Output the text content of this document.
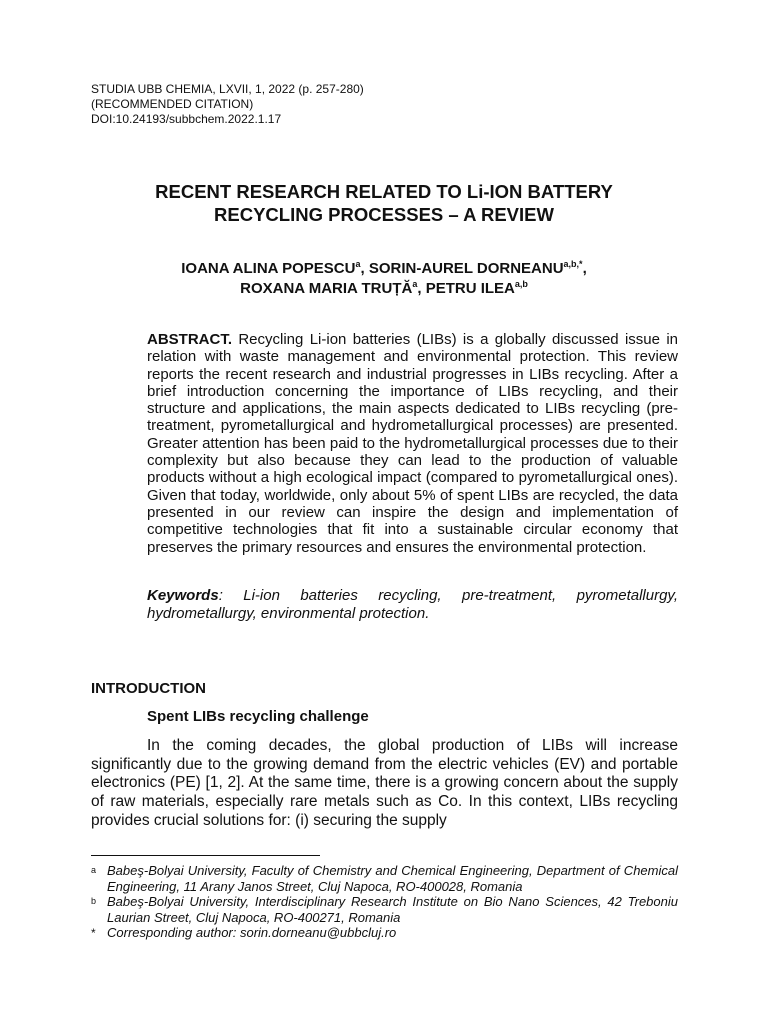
STUDIA UBB CHEMIA, LXVII, 1, 2022 (p. 257-280)
(RECOMMENDED CITATION)
DOI:10.24193/subbchem.2022.1.17
RECENT RESEARCH RELATED TO Li-ION BATTERY
RECYCLING PROCESSES – A REVIEW
IOANA ALINA POPESCU$^a$, SORIN-AUREL $DORNEANU^{a,b,*}$,
ROXANA MARIA TRUȚĂ$^a$, PETRU ILEA$^{a,b}$
ABSTRACT. Recycling Li-ion batteries (LIBs) is a globally discussed issue in relation with waste management and environmental protection. This review reports the recent research and industrial progresses in LIBs recycling. After a brief introduction concerning the importance of LIBs recycling, and their structure and applications, the main aspects dedicated to LIBs recycling (pre-treatment, pyrometallurgical and hydrometallurgical processes) are presented. Greater attention has been paid to the hydrometallurgical processes due to their complexity but also because they can lead to the production of valuable products without a high ecological impact (compared to pyrometallurgical ones). Given that today, worldwide, only about 5% of spent LIBs are recycled, the data presented in our review can inspire the design and implementation of competitive technologies that fit into a sustainable circular economy that preserves the primary resources and ensures the environmental protection.
Keywords: Li-ion batteries recycling, pre-treatment, pyrometallurgy, hydrometallurgy, environmental protection.
INTRODUCTION
Spent LIBs recycling challenge
In the coming decades, the global production of LIBs will increase significantly due to the growing demand from the electric vehicles (EV) and portable electronics (PE) [1, 2]. At the same time, there is a growing concern about the supply of raw materials, especially rare metals such as Co. In this context, LIBs recycling provides crucial solutions for: (i) securing the supply
a Babeş-Bolyai University, Faculty of Chemistry and Chemical Engineering, Department of Chemical Engineering, 11 Arany Janos Street, Cluj Napoca, RO-400028, Romania
b Babeş-Bolyai University, Interdisciplinary Research Institute on Bio Nano Sciences, 42 Treboniu Laurian Street, Cluj Napoca, RO-400271, Romania
* Corresponding author: sorin.dorneanu@ubbcluj.ro
